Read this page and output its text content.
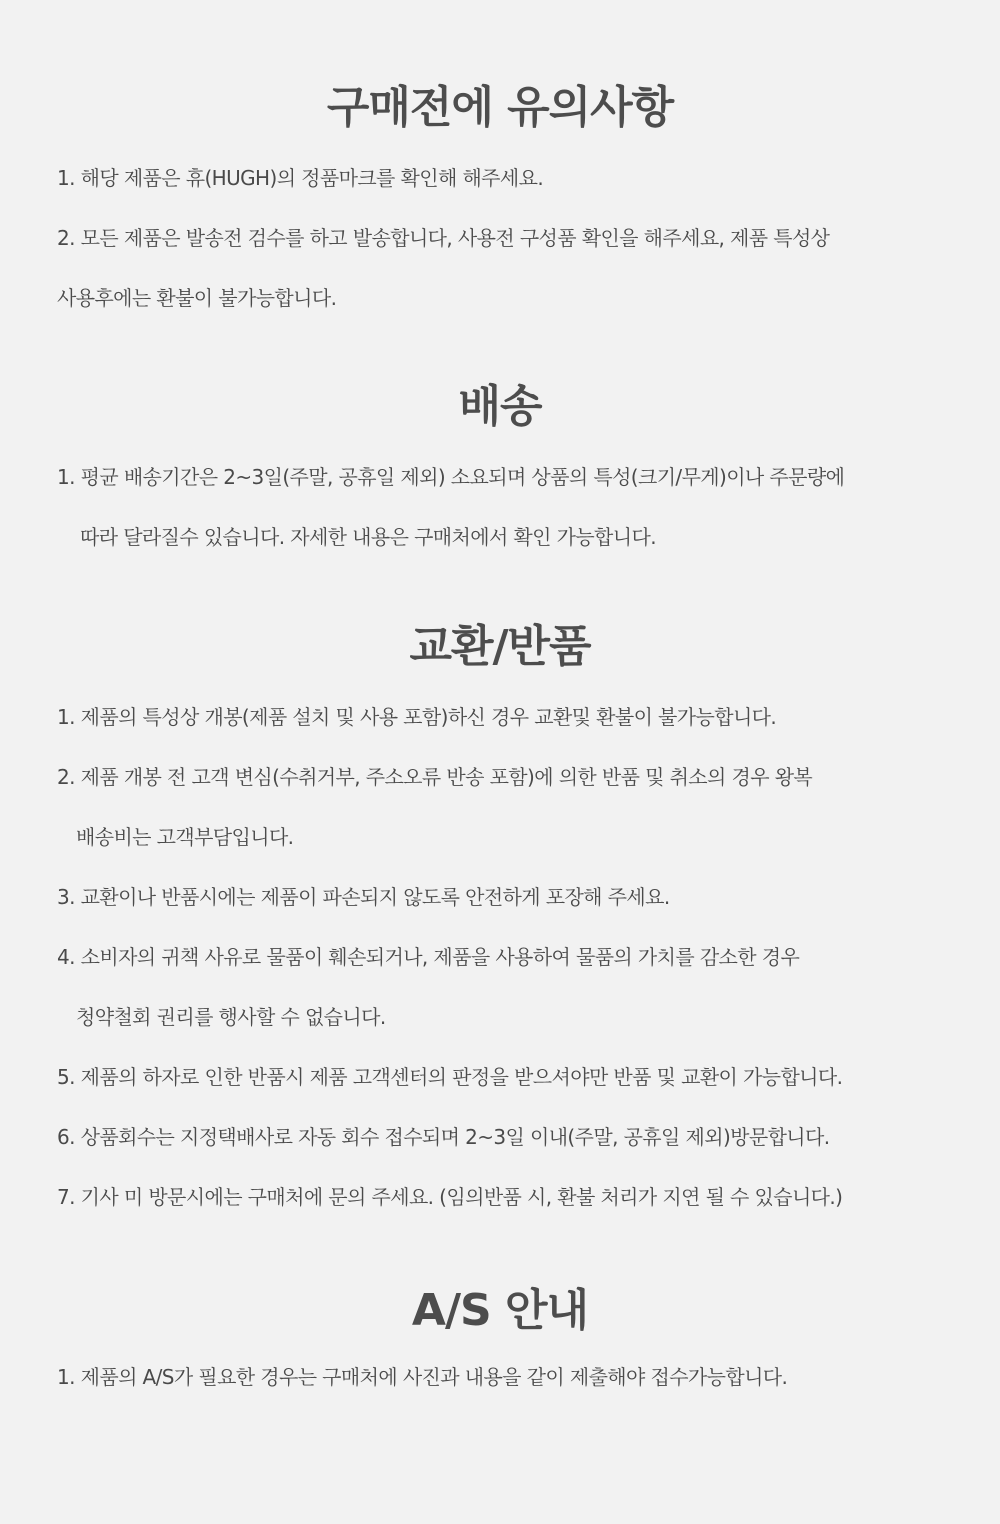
구매전에 유의사항

1. 해당 제품은 휴(HUGH)의 정품마크를 확인해 해주세요.

2. 모든 제품은 발송전 검수를 하고 발송합니다, 사용전 구성품 확인을 해주세요, 제품 특성상

사용후에는 환불이 불가능합니다.

배송

1. 평균 배송기간은 2~3일(주말, 공휴일 제외) 소요되며 상품의 특성(크기/무게)이나 주문량에

따라 달라질수 있습니다. 자세한 내용은 구매처에서 확인 가능합니다.

교환/반품

1. 제품의 특성상 개봉(제품 설치 및 사용 포함)하신 경우 교환및 환불이 불가능합니다.

2. 제품 개봉 전 고객 변심(수취거부, 주소오류 반송 포함)에 의한 반품 및 취소의 경우 왕복

배송비는 고객부담입니다.

3. 교환이나 반품시에는 제품이 파손되지 않도록 안전하게 포장해 주세요.

4. 소비자의 귀책 사유로 물품이 훼손되거나, 제품을 사용하여 물품의 가치를 감소한 경우

청약철회 권리를 행사할 수 없습니다.

5. 제품의 하자로 인한 반품시 제품 고객센터의 판정을 받으셔야만 반품 및 교환이 가능합니다.

6. 상품회수는 지정택배사로 자동 회수 접수되며 2~3일 이내(주말, 공휴일 제외)방문합니다.

7. 기사 미 방문시에는 구매처에 문의 주세요. (임의반품 시, 환불 처리가 지연 될 수 있습니다.)

A/S 안내

1. 제품의 A/S가 필요한 경우는 구매처에 사진과 내용을 같이 제출해야 접수가능합니다.
